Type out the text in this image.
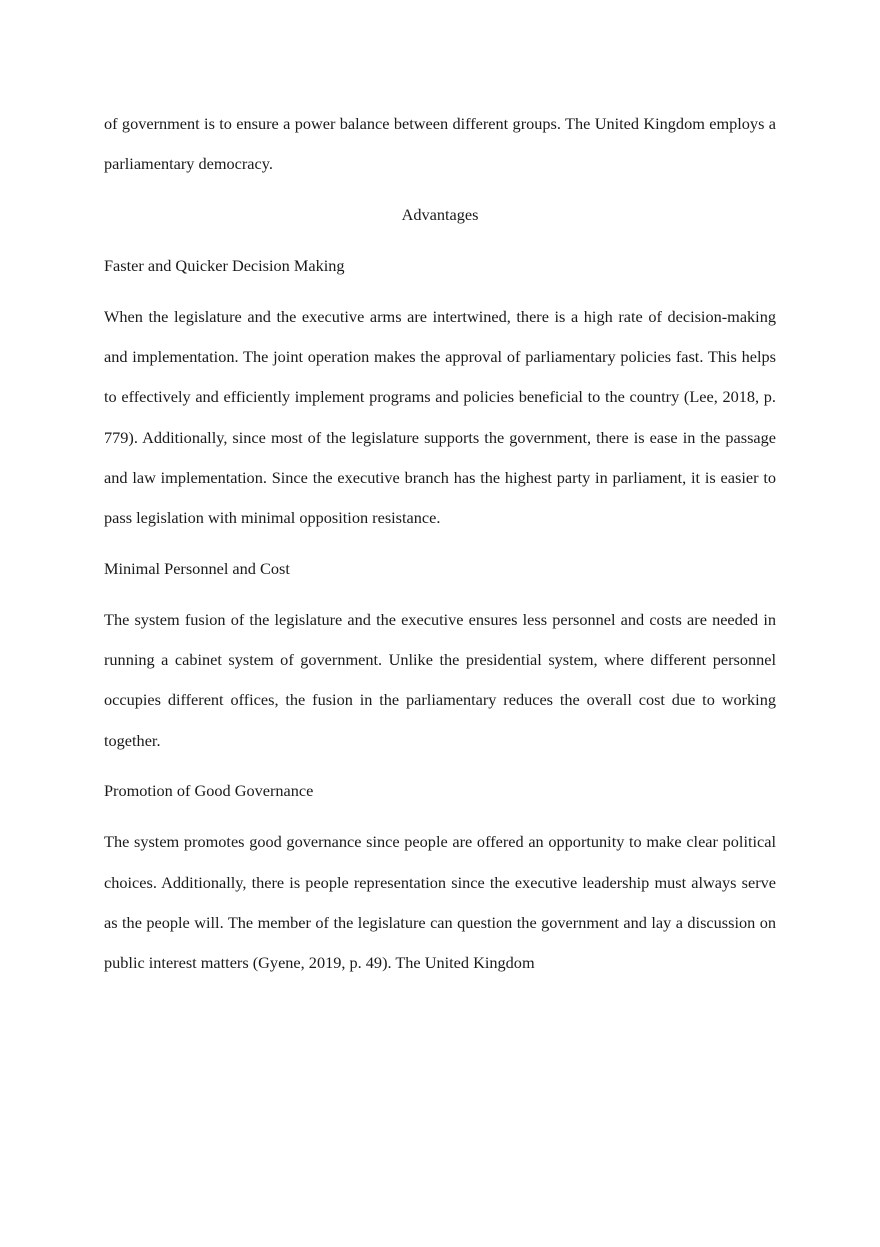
of government is to ensure a power balance between different groups. The United Kingdom employs a parliamentary democracy.

Advantages

Faster and Quicker Decision Making

When the legislature and the executive arms are intertwined, there is a high rate of decision-making and implementation. The joint operation makes the approval of parliamentary policies fast. This helps to effectively and efficiently implement programs and policies beneficial to the country (Lee, 2018, p. 779). Additionally, since most of the legislature supports the government, there is ease in the passage and law implementation. Since the executive branch has the highest party in parliament, it is easier to pass legislation with minimal opposition resistance.

Minimal Personnel and Cost

The system fusion of the legislature and the executive ensures less personnel and costs are needed in running a cabinet system of government. Unlike the presidential system, where different personnel occupies different offices, the fusion in the parliamentary reduces the overall cost due to working together.

Promotion of Good Governance

The system promotes good governance since people are offered an opportunity to make clear political choices. Additionally, there is people representation since the executive leadership must always serve as the people will. The member of the legislature can question the government and lay a discussion on public interest matters (Gyene, 2019, p. 49). The United Kingdom
